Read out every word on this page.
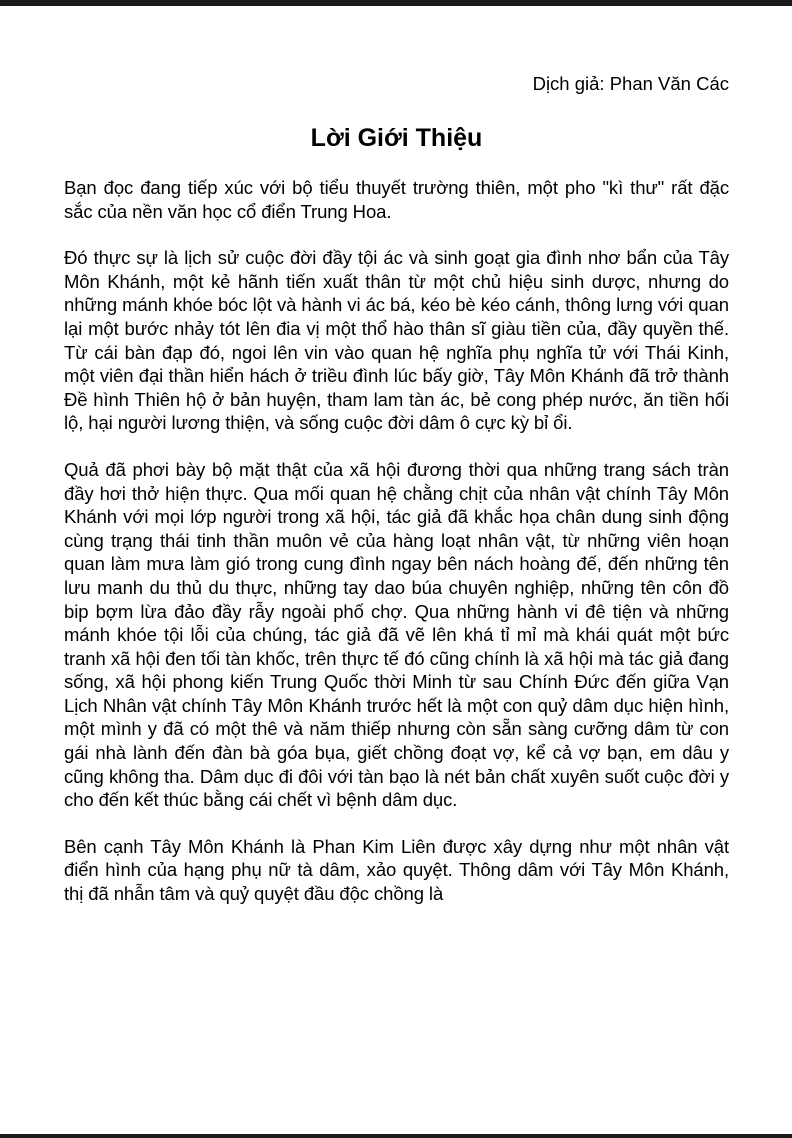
Dịch giả: Phan Văn Các

Lời Giới Thiệu

Bạn đọc đang tiếp xúc với bộ tiểu thuyết trường thiên, một pho "kì thư" rất đặc sắc của nền văn học cổ điển Trung Hoa.

Đó thực sự là lịch sử cuộc đời đầy tội ác và sinh goạt gia đình nhơ bẩn của Tây Môn Khánh, một kẻ hãnh tiến xuất thân từ một chủ hiệu sinh dược, nhưng do những mánh khóe bóc lột và hành vi ác bá, kéo bè kéo cánh, thông lưng với quan lại một bước nhảy tót lên đia vị một thổ hào thân sĩ giàu tiền của, đầy quyền thế. Từ cái bàn đạp đó, ngoi lên vin vào quan hệ nghĩa phụ nghĩa tử với Thái Kinh, một viên đại thần hiển hách ở triều đình lúc bấy giờ, Tây Môn Khánh đã trở thành Đề hình Thiên hộ ở bản huyện, tham lam tàn ác, bẻ cong phép nước, ăn tiền hối lộ, hại người lương thiện, và sống cuộc đời dâm ô cực kỳ bỉ ổi.

Quả đã phơi bày bộ mặt thật của xã hội đương thời qua những trang sách tràn đầy hơi thở hiện thực. Qua mối quan hệ chằng chịt của nhân vật chính Tây Môn Khánh với mọi lớp người trong xã hội, tác giả đã khắc họa chân dung sinh động cùng trạng thái tinh thần muôn vẻ của hàng loạt nhân vật, từ những viên hoạn quan làm mưa làm gió trong cung đình ngay bên nách hoàng đế, đến những tên lưu manh du thủ du thực, những tay dao búa chuyên nghiệp, những tên côn đồ bip bợm lừa đảo đầy rẫy ngoài phố chợ. Qua những hành vi đê tiện và những mánh khóe tội lỗi của chúng, tác giả đã vẽ lên khá tỉ mỉ mà khái quát một bức tranh xã hội đen tối tàn khốc, trên thực tế đó cũng chính là xã hội mà tác giả đang sống, xã hội phong kiến Trung Quốc thời Minh từ sau Chính Đức đến giữa Vạn Lịch Nhân vật chính Tây Môn Khánh trước hết là một con quỷ dâm dục hiện hình, một mình y đã có một thê và năm thiếp nhưng còn sẵn sàng cưỡng dâm từ con gái nhà lành đến đàn bà góa bụa, giết chồng đoạt vợ, kể cả vợ bạn, em dâu y cũng không tha. Dâm dục đi đôi với tàn bạo là nét bản chất xuyên suốt cuộc đời y cho đến kết thúc bằng cái chết vì bệnh dâm dục.

Bên cạnh Tây Môn Khánh là Phan Kim Liên được xây dựng như một nhân vật điển hình của hạng phụ nữ tà dâm, xảo quyệt. Thông dâm với Tây Môn Khánh, thị đã nhẫn tâm và quỷ quyệt đầu độc chồng là
